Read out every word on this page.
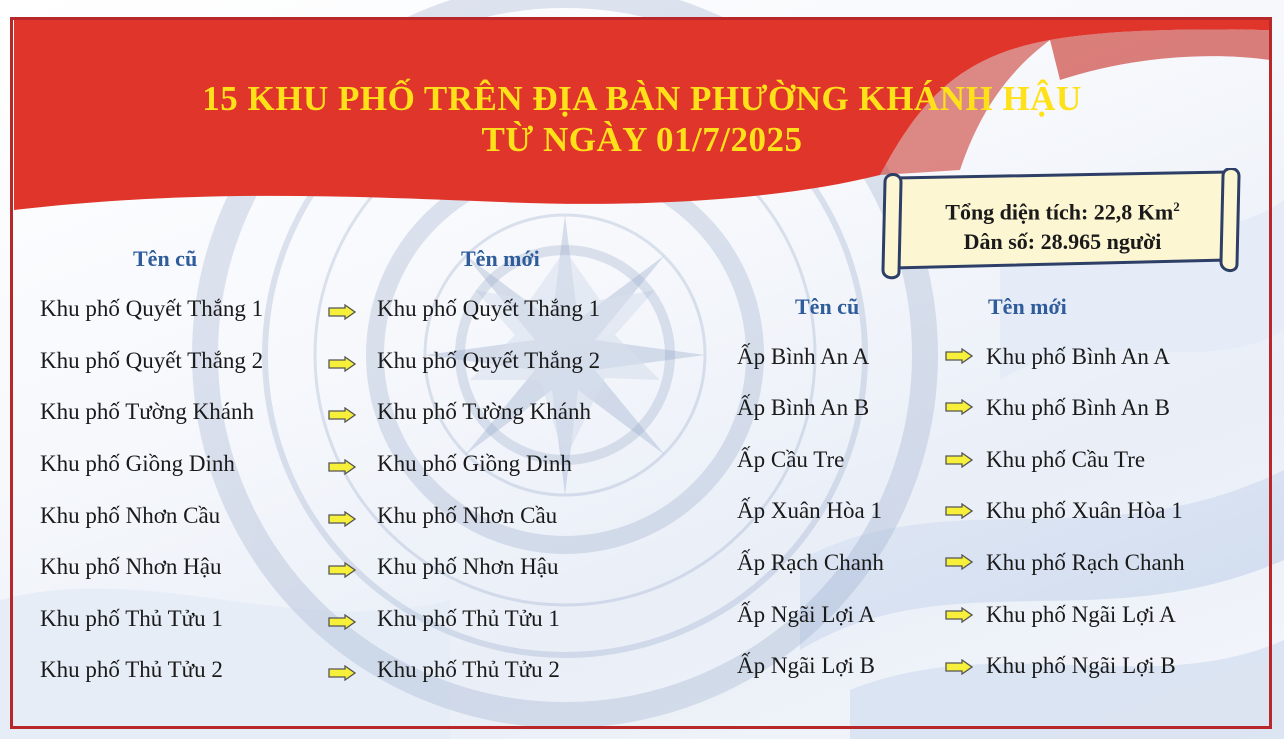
15 KHU PHỐ TRÊN ĐỊA BÀN PHƯỜNG KHÁNH HẬU
TỪ NGÀY 01/7/2025
Tổng diện tích: 22,8 Km$^2$
Dân số: 28.965 người
Tên cũ	Tên mới
Tên cũ	Tên mới
Khu phố Quyết Thắng 1	Khu phố Quyết Thắng 1
Khu phố Quyết Thắng 2	Khu phố Quyết Thắng 2
Khu phố Tường Khánh	Khu phố Tường Khánh
Khu phố Giồng Dinh	Khu phố Giồng Dinh
Khu phố Nhơn Cầu	Khu phố Nhơn Cầu
Khu phố Nhơn Hậu	Khu phố Nhơn Hậu
Khu phố Thủ Tửu 1	Khu phố Thủ Tửu 1
Khu phố Thủ Tửu 2	Khu phố Thủ Tửu 2
Ấp Bình An A	Khu phố Bình An A
Ấp Bình An B	Khu phố Bình An B
Ấp Cầu Tre	Khu phố Cầu Tre
Ấp Xuân Hòa 1	Khu phố Xuân Hòa 1
Ấp Rạch Chanh	Khu phố Rạch Chanh
Ấp Ngãi Lợi A	Khu phố Ngãi Lợi A
Ấp Ngãi Lợi B	Khu phố Ngãi Lợi B
